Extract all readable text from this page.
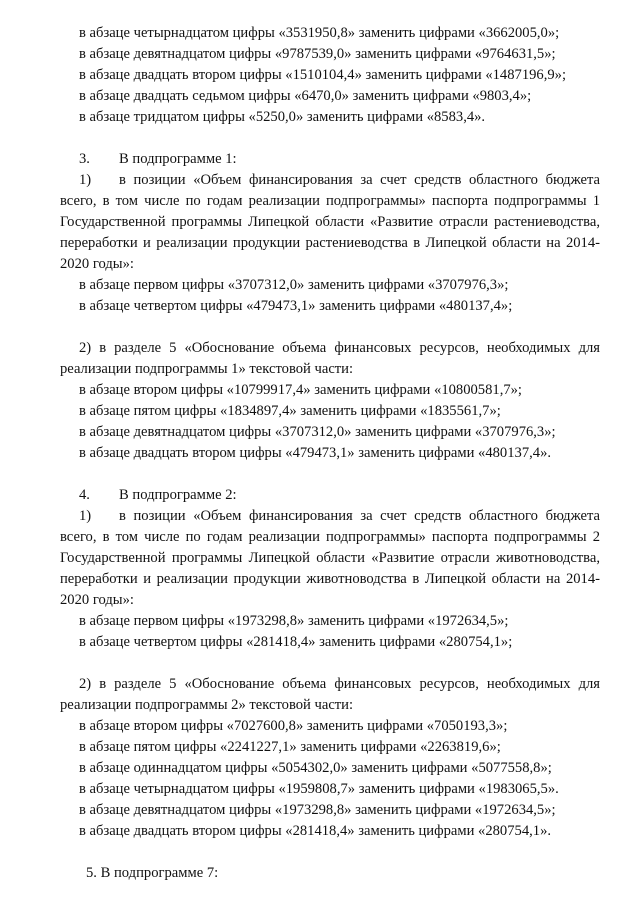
в абзаце четырнадцатом цифры «3531950,8» заменить цифрами «3662005,0»;
в абзаце девятнадцатом цифры «9787539,0» заменить цифрами «9764631,5»;
в абзаце двадцать втором цифры «1510104,4» заменить цифрами «1487196,9»;
в абзаце двадцать седьмом цифры «6470,0» заменить цифрами «9803,4»;
в абзаце тридцатом цифры «5250,0» заменить цифрами «8583,4».
3. В подпрограмме 1:
1) в позиции «Объем финансирования за счет средств областного бюджета
всего, в том числе по годам реализации подпрограммы» паспорта подпрограммы 1
Государственной программы Липецкой области «Развитие отрасли растениеводства,
переработки и реализации продукции растениеводства в Липецкой области на 2014-
2020 годы»:
в абзаце первом цифры «3707312,0» заменить цифрами «3707976,3»;
в абзаце четвертом цифры «479473,1» заменить цифрами «480137,4»;
2) в разделе 5 «Обоснование объема финансовых ресурсов, необходимых для
реализации подпрограммы 1» текстовой части:
в абзаце втором цифры «10799917,4» заменить цифрами «10800581,7»;
в абзаце пятом цифры «1834897,4» заменить цифрами «1835561,7»;
в абзаце девятнадцатом цифры «3707312,0» заменить цифрами «3707976,3»;
в абзаце двадцать втором цифры «479473,1» заменить цифрами «480137,4».
4. В подпрограмме 2:
1) в позиции «Объем финансирования за счет средств областного бюджета
всего, в том числе по годам реализации подпрограммы» паспорта подпрограммы 2
Государственной программы Липецкой области «Развитие отрасли животноводства,
переработки и реализации продукции животноводства в Липецкой области на 2014-
2020 годы»:
в абзаце первом цифры «1973298,8» заменить цифрами «1972634,5»;
в абзаце четвертом цифры «281418,4» заменить цифрами «280754,1»;
2) в разделе 5 «Обоснование объема финансовых ресурсов, необходимых для
реализации подпрограммы 2» текстовой части:
в абзаце втором цифры «7027600,8» заменить цифрами «7050193,3»;
в абзаце пятом цифры «2241227,1» заменить цифрами «2263819,6»;
в абзаце одиннадцатом цифры «5054302,0» заменить цифрами «5077558,8»;
в абзаце четырнадцатом цифры «1959808,7» заменить цифрами «1983065,5».
в абзаце девятнадцатом цифры «1973298,8» заменить цифрами «1972634,5»;
в абзаце двадцать втором цифры «281418,4» заменить цифрами «280754,1».
5. В подпрограмме 7:
